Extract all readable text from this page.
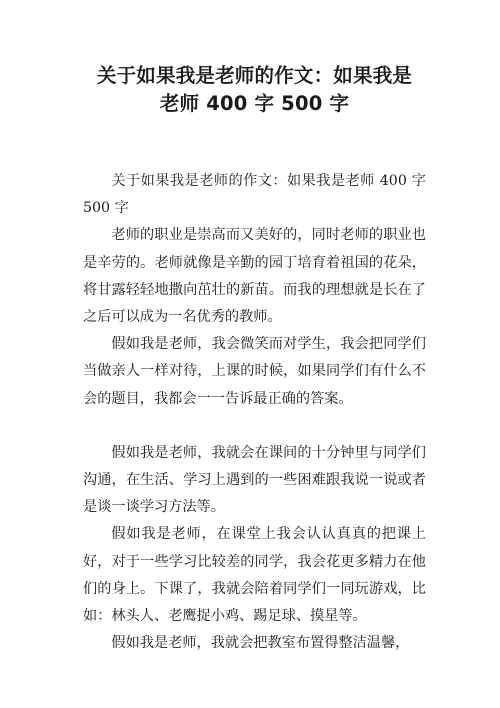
关于如果我是老师的作文：如果我是
老师 400 字 500 字

关于如果我是老师的作文：如果我是老师 400 字 500 字

老师的职业是崇高而又美好的，同时老师的职业也是辛劳的。老师就像是辛勤的园丁培育着祖国的花朵，将甘露轻轻地撒向茁壮的新苗。而我的理想就是长在了之后可以成为一名优秀的教师。

假如我是老师，我会微笑而对学生，我会把同学们当做亲人一样对待，上课的时候，如果同学们有什么不会的题目，我都会一一告诉最正确的答案。

假如我是老师，我就会在课间的十分钟里与同学们沟通，在生活、学习上遇到的一些困难跟我说一说或者是谈一谈学习方法等。

假如我是老师，在课堂上我会认认真真的把课上好，对于一些学习比较差的同学，我会花更多精力在他们的身上。下课了，我就会陪着同学们一同玩游戏，比如：林头人、老鹰捉小鸡、踢足球、摸星等。

假如我是老师，我就会把教室布置得整洁温馨，
